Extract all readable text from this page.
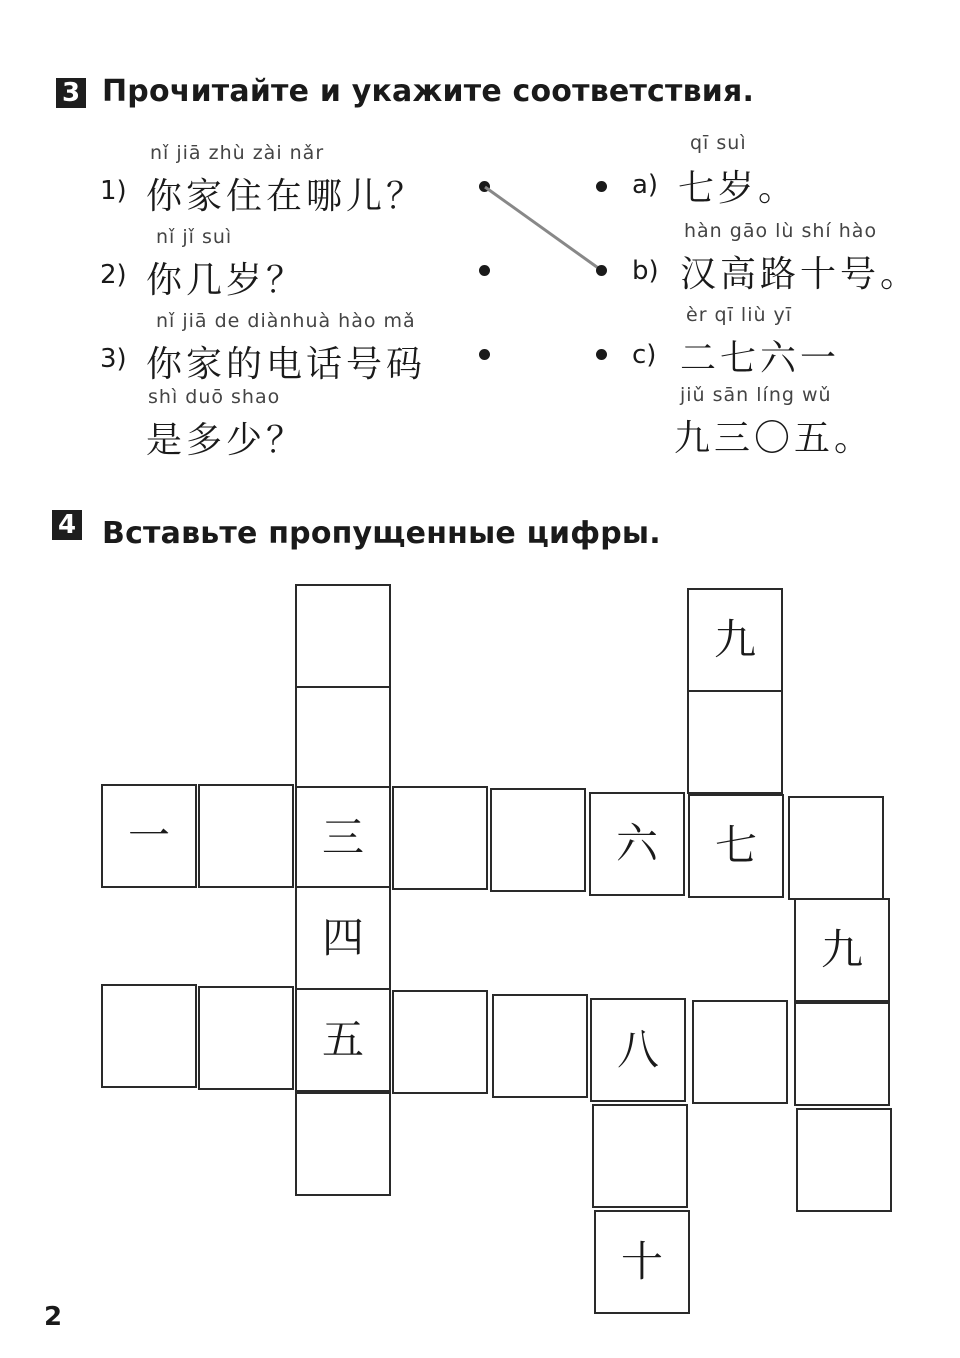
3 Прочитайте и укажите соответствия.
nǐ jiā zhù zài nǎr
1) 你家住在哪儿？
nǐ jǐ suì
2) 你几岁？
nǐ jiā de diànhuà hào mǎ
3) 你家的电话号码
shì duō shao
是多少？
qī suì
a) 七岁。
hàn gāo lù shí hào
b) 汉高路十号。
èr qī liù yī
c) 二七六一
jiǔ sān líng wǔ
九三〇五。
4 Вставьте пропущенные цифры.
九
一	三	六	七
四	九
五	八
十
2
